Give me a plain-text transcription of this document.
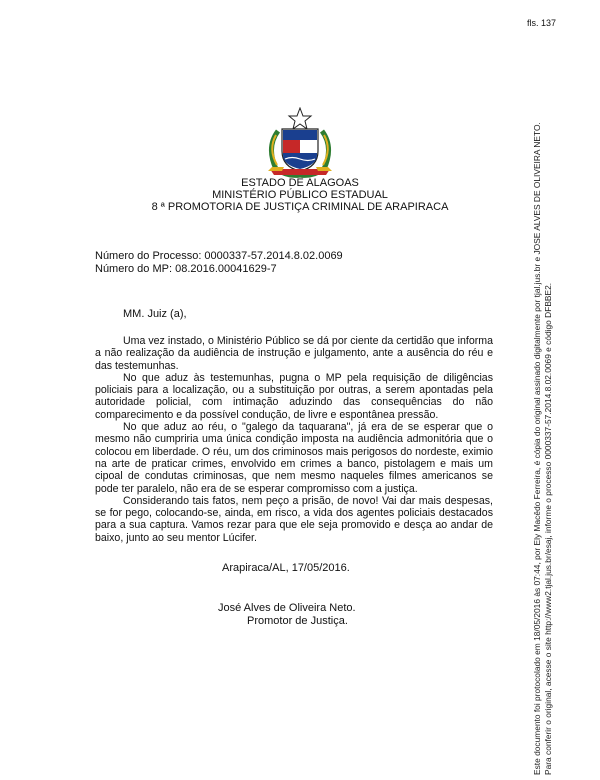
fls. 137
ESTADO DE ALAGOAS
MINISTÉRIO PÚBLICO ESTADUAL
8 ª PROMOTORIA DE JUSTIÇA CRIMINAL DE ARAPIRACA
Número do Processo: 0000337-57.2014.8.02.0069
Número do MP: 08.2016.00041629-7
MM. Juiz (a),

Uma vez instado, o Ministério Público se dá por ciente da certidão que informa a não realização da audiência de instrução e julgamento, ante a ausência do réu e das testemunhas.

No que aduz às testemunhas, pugna o MP pela requisição de diligências policiais para a localização, ou a substituição por outras, a serem apontadas pela autoridade policial, com intimação aduzindo das consequências do não comparecimento e da possível condução, de livre e espontânea pressão.

No que aduz ao réu, o "galego da taquarana", já era de se esperar que o mesmo não cumpriria uma única condição imposta na audiência admonitória que o colocou em liberdade. O réu, um dos criminosos mais perigosos do nordeste, eximio na arte de praticar crimes, envolvido em crimes a banco, pistolagem e mais um cipoal de condutas criminosas, que nem mesmo naqueles filmes americanos se pode ter paralelo, não era de se esperar compromisso com a justiça.

Considerando tais fatos, nem peço a prisão, de novo! Vai dar mais despesas, se for pego, colocando-se, ainda, em risco, a vida dos agentes policiais destacados para a sua captura. Vamos rezar para que ele seja promovido e desça ao andar de baixo, junto ao seu mentor Lúcifer.

Arapiraca/AL, 17/05/2016.
José Alves de Oliveira Neto.
Promotor de Justiça.	Este documento foi protocolado em 18/05/2016 às 07:44, por Ely Macêdo Ferreira, é cópia do original assinado digitalmente por tjal.jus.br e JOSE ALVES DE OLIVEIRA NETO. Para conferir o original, acesse o site http://www2.tjal.jus.br/esaj, informe o processo 0000337-57.2014.8.02.0069 e código DFBBE2.
